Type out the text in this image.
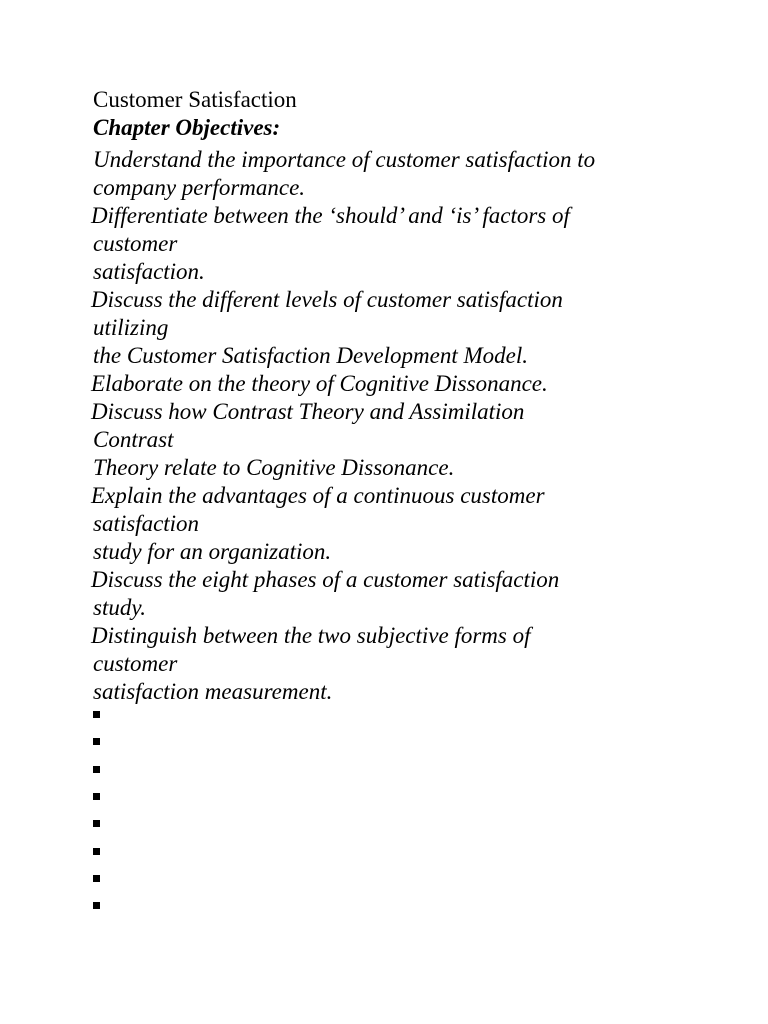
Customer Satisfaction
Chapter Objectives:
Understand the importance of customer satisfaction to
company performance.
Differentiate between the ‘should’ and ‘is’ factors of
customer
satisfaction.
Discuss the different levels of customer satisfaction
utilizing
the Customer Satisfaction Development Model.
Elaborate on the theory of Cognitive Dissonance.
Discuss how Contrast Theory and Assimilation
Contrast
Theory relate to Cognitive Dissonance.
Explain the advantages of a continuous customer
satisfaction
study for an organization.
Discuss the eight phases of a customer satisfaction
study.
Distinguish between the two subjective forms of
customer
satisfaction measurement.
